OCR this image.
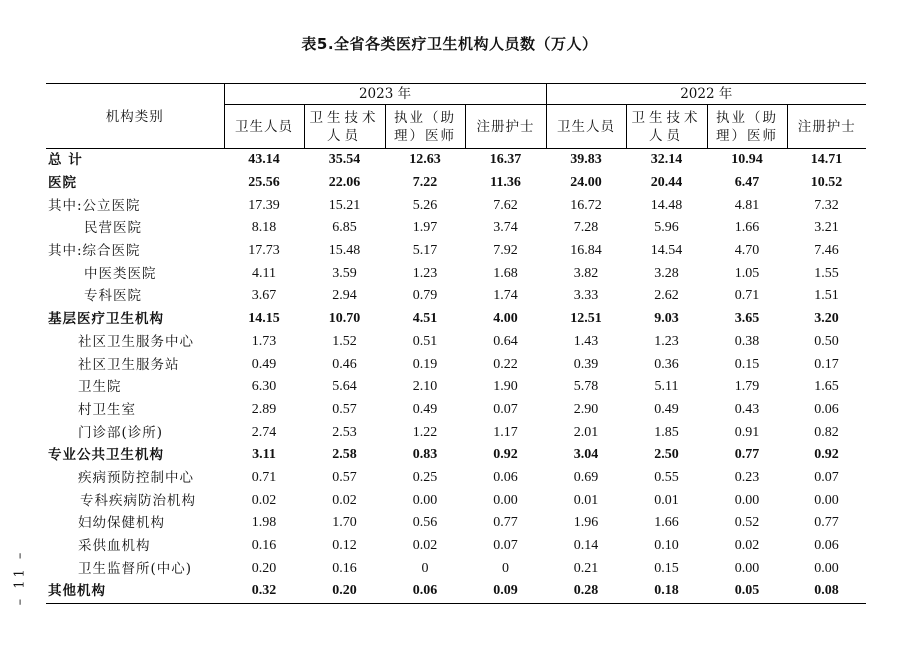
表5.全省各类医疗卫生机构人员数（万人）
机构类别	2023 年				2022 年			
	卫生人员	卫生技术人员	执业（助理）医师	注册护士	卫生人员	卫生技术人员	执业（助理）医师	注册护士
总 计	43.14	35.54	12.63	16.37	39.83	32.14	10.94	14.71
医院	25.56	22.06	7.22	11.36	24.00	20.44	6.47	10.52
其中:公立医院	17.39	15.21	5.26	7.62	16.72	14.48	4.81	7.32
民营医院	8.18	6.85	1.97	3.74	7.28	5.96	1.66	3.21
其中:综合医院	17.73	15.48	5.17	7.92	16.84	14.54	4.70	7.46
中医类医院	4.11	3.59	1.23	1.68	3.82	3.28	1.05	1.55
专科医院	3.67	2.94	0.79	1.74	3.33	2.62	0.71	1.51
基层医疗卫生机构	14.15	10.70	4.51	4.00	12.51	9.03	3.65	3.20
社区卫生服务中心	1.73	1.52	0.51	0.64	1.43	1.23	0.38	0.50
社区卫生服务站	0.49	0.46	0.19	0.22	0.39	0.36	0.15	0.17
卫生院	6.30	5.64	2.10	1.90	5.78	5.11	1.79	1.65
村卫生室	2.89	0.57	0.49	0.07	2.90	0.49	0.43	0.06
门诊部(诊所)	2.74	2.53	1.22	1.17	2.01	1.85	0.91	0.82
专业公共卫生机构	3.11	2.58	0.83	0.92	3.04	2.50	0.77	0.92
疾病预防控制中心	0.71	0.57	0.25	0.06	0.69	0.55	0.23	0.07
专科疾病防治机构	0.02	0.02	0.00	0.00	0.01	0.01	0.00	0.00
妇幼保健机构	1.98	1.70	0.56	0.77	1.96	1.66	0.52	0.77
采供血机构	0.16	0.12	0.02	0.07	0.14	0.10	0.02	0.06
卫生监督所(中心)	0.20	0.16	0	0	0.21	0.15	0.00	0.00
其他机构	0.32	0.20	0.06	0.09	0.28	0.18	0.05	0.08
– 11 –
